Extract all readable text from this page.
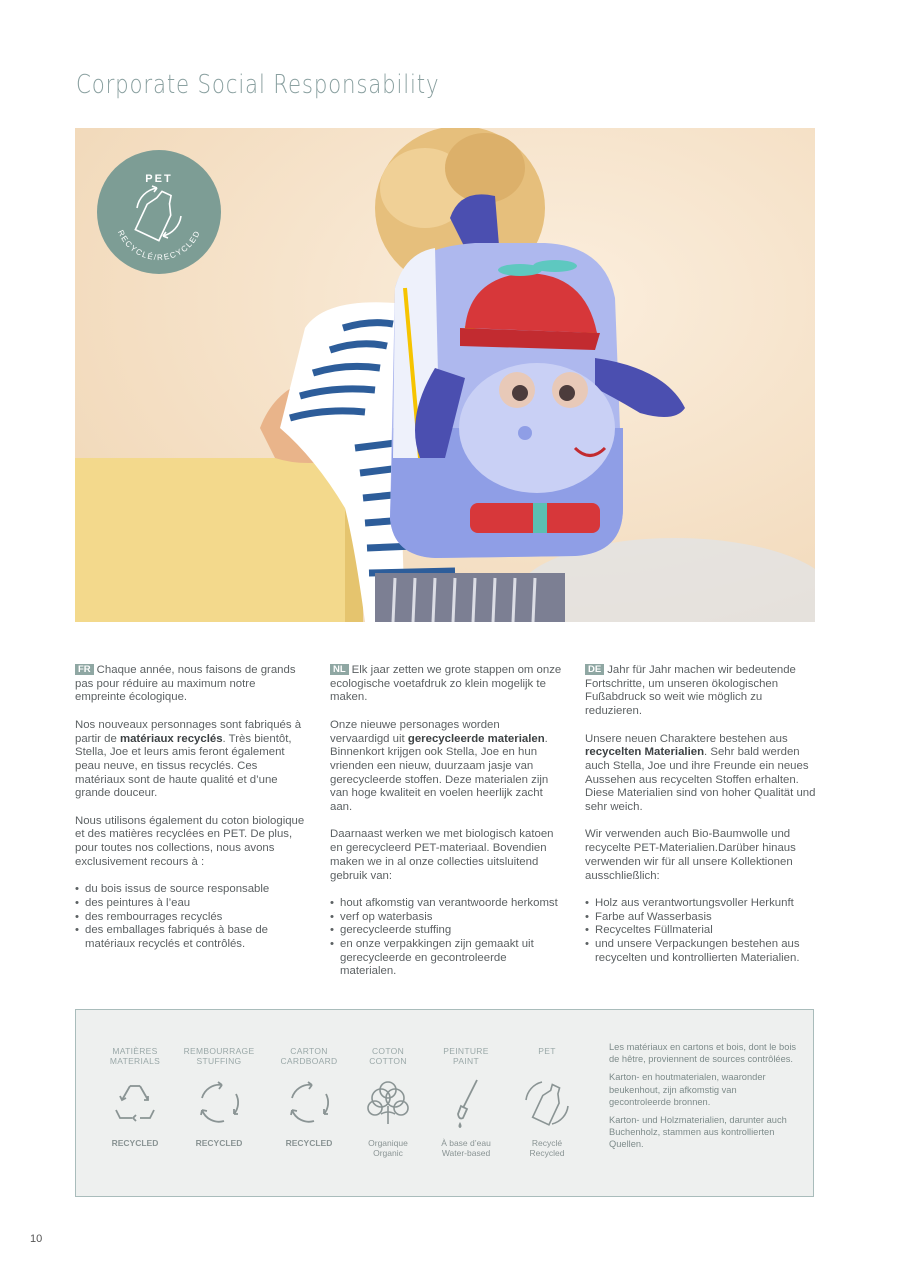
Corporate Social Responsability
PET
RECYCLÉ/RECYCLED

FR Chaque année, nous faisons de grands pas pour réduire au maximum notre empreinte écologique.

Nos nouveaux personnages sont fabriqués à partir de matériaux recyclés. Très bientôt, Stella, Joe et leurs amis feront également peau neuve, en tissus recyclés. Ces matériaux sont de haute qualité et d’une grande douceur.

Nous utilisons également du coton biologique et des matières recyclées en PET. De plus, pour toutes nos collections, nous avons exclusivement recours à :

• du bois issus de source responsable
• des peintures à l’eau
• des rembourrages recyclés
• des emballages fabriqués à base de matériaux recyclés et contrôlés.

NL Elk jaar zetten we grote stappen om onze ecologische voetafdruk zo klein mogelijk te maken.

Onze nieuwe personages worden vervaardigd uit gerecycleerde materialen. Binnenkort krijgen ook Stella, Joe en hun vrienden een nieuw, duurzaam jasje van gerecycleerde stoffen. Deze materialen zijn van hoge kwaliteit en voelen heerlijk zacht aan.

Daarnaast werken we met biologisch katoen en gerecycleerd PET-materiaal. Bovendien maken we in al onze collecties uitsluitend gebruik van:

• hout afkomstig van verantwoorde herkomst
• verf op waterbasis
• gerecycleerde stuffing
• en onze verpakkingen zijn gemaakt uit gerecycleerde en gecontroleerde materialen.

DE Jahr für Jahr machen wir bedeutende Fortschritte, um unseren ökologischen Fußabdruck so weit wie möglich zu reduzieren.

Unsere neuen Charaktere bestehen aus recycelten Materialien. Sehr bald werden auch Stella, Joe und ihre Freunde ein neues Aussehen aus recycelten Stoffen erhalten. Diese Materialien sind von hoher Qualität und sehr weich.

Wir verwenden auch Bio-Baumwolle und recycelte PET-Materialien.Darüber hinaus verwenden wir für all unsere Kollektionen ausschließlich:

• Holz aus verantwortungsvoller Herkunft
• Farbe auf Wasserbasis
• Recyceltes Füllmaterial
• und unsere Verpackungen bestehen aus recycelten und kontrollierten Materialien.
MATIÈRES
MATERIALS
RECYCLED
REMBOURRAGE
STUFFING
RECYCLED
CARTON
CARDBOARD
RECYCLED
COTON
COTTON
Organique
Organic
PEINTURE
PAINT
À base d’eau
Water-based
PET
Recyclé
Recycled

Les matériaux en cartons et bois, dont le bois de hêtre, proviennent de sources contrôlées.

Karton- en houtmaterialen, waaronder beukenhout, zijn afkomstig van gecontroleerde bronnen.

Karton- und Holzmaterialien, darunter auch Buchenholz, stammen aus kontrollierten Quellen.

10
